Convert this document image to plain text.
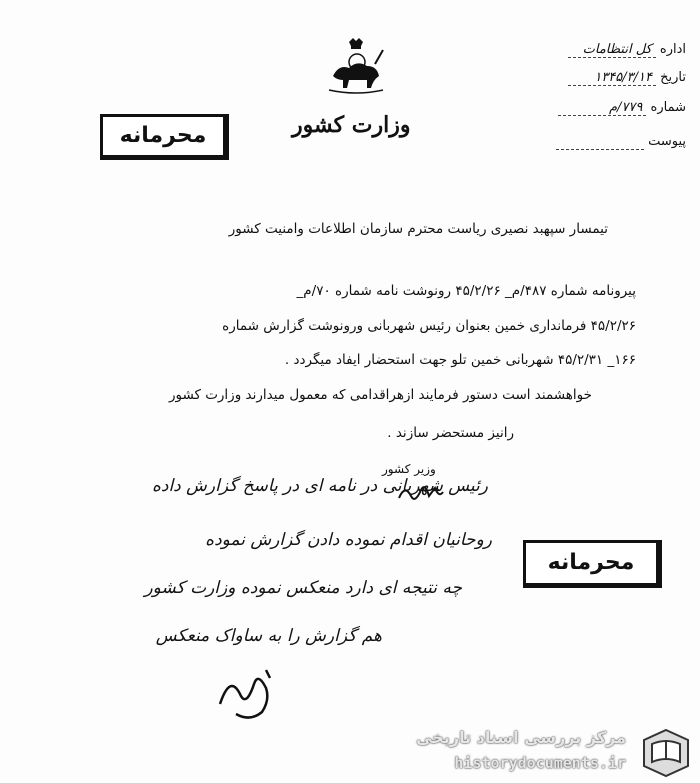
اداره کل انتظامات
تاریخ ۱۳۴۵/۳/۱۴
شماره ۷۷۹/م
پیوست
وزارت کشور
محرمانه
محرمانه
تیمسار سپهبد نصیری ریاست محترم سازمان اطلاعات وامنیت کشور
پیرونامه شماره ۴۸۷/م_ ۴۵/۲/۲۶ رونوشت نامه شماره ۷۰/م_
۴۵/۲/۲۶ فرمانداری خمین بعنوان رئیس شهربانی ورونوشت گزارش شماره
۱۶۶_ ۴۵/۲/۳۱ شهربانی خمین تلو جهت استحضار ایفاد میگردد .
خواهشمند است دستور فرمایند ازهراقدامی که معمول میدارند وزارت کشور
رانیز مستحضر سازند .
وزیر کشور
رئیس شهربانی در نامه ای در پاسخ گزارش داده
روحانیان اقدام نموده دادن گزارش نموده
چه نتیجه ای دارد منعکس نموده وزارت کشور
هم گزارش را به ساواک منعکس
مرکز بررسی اسناد تاریخی
historydocuments.ir
